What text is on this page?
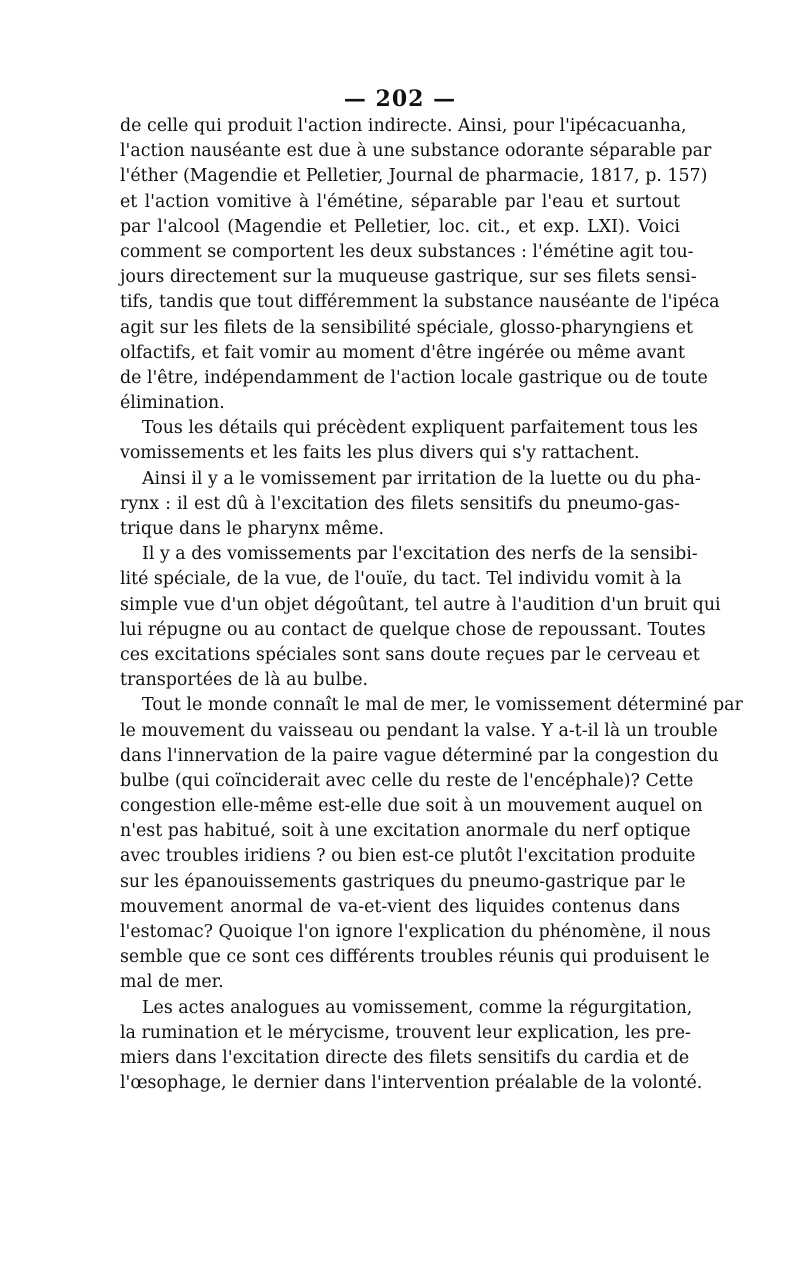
— 202 —
de celle qui produit l'action indirecte. Ainsi, pour l'ipécacuanha,
l'action nauséante est due à une substance odorante séparable par
l'éther (Magendie et Pelletier, Journal de pharmacie, 1817, p. 157)
et l'action vomitive à l'émétine, séparable par l'eau et surtout
par l'alcool (Magendie et Pelletier, loc. cit., et exp. LXI). Voici
comment se comportent les deux substances : l'émétine agit tou-
jours directement sur la muqueuse gastrique, sur ses filets sensi-
tifs, tandis que tout différemment la substance nauséante de l'ipéca
agit sur les filets de la sensibilité spéciale, glosso-pharyngiens et
olfactifs, et fait vomir au moment d'être ingérée ou même avant
de l'être, indépendamment de l'action locale gastrique ou de toute
élimination.
Tous les détails qui précèdent expliquent parfaitement tous les
vomissements et les faits les plus divers qui s'y rattachent.
Ainsi il y a le vomissement par irritation de la luette ou du pha-
rynx : il est dû à l'excitation des filets sensitifs du pneumo-gas-
trique dans le pharynx même.
Il y a des vomissements par l'excitation des nerfs de la sensibi-
lité spéciale, de la vue, de l'ouïe, du tact. Tel individu vomit à la
simple vue d'un objet dégoûtant, tel autre à l'audition d'un bruit qui
lui répugne ou au contact de quelque chose de repoussant. Toutes
ces excitations spéciales sont sans doute reçues par le cerveau et
transportées de là au bulbe.
Tout le monde connaît le mal de mer, le vomissement déterminé par
le mouvement du vaisseau ou pendant la valse. Y a-t-il là un trouble
dans l'innervation de la paire vague déterminé par la congestion du
bulbe (qui coïnciderait avec celle du reste de l'encéphale)? Cette
congestion elle-même est-elle due soit à un mouvement auquel on
n'est pas habitué, soit à une excitation anormale du nerf optique
avec troubles iridiens ? ou bien est-ce plutôt l'excitation produite
sur les épanouissements gastriques du pneumo-gastrique par le
mouvement anormal de va-et-vient des liquides contenus dans
l'estomac? Quoique l'on ignore l'explication du phénomène, il nous
semble que ce sont ces différents troubles réunis qui produisent le
mal de mer.
Les actes analogues au vomissement, comme la régurgitation,
la rumination et le mérycisme, trouvent leur explication, les pre-
miers dans l'excitation directe des filets sensitifs du cardia et de
l'œsophage, le dernier dans l'intervention préalable de la volonté.
